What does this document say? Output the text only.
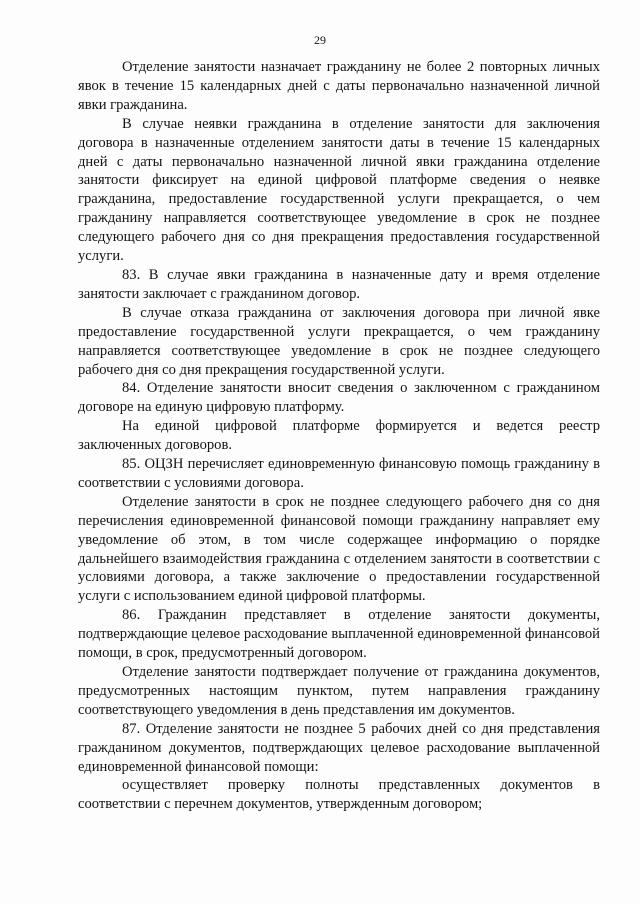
29

Отделение занятости назначает гражданину не более 2 повторных личных явок в течение 15 календарных дней с даты первоначально назначенной личной явки гражданина.

В случае неявки гражданина в отделение занятости для заключения договора в назначенные отделением занятости даты в течение 15 календарных дней с даты первоначально назначенной личной явки гражданина отделение занятости фиксирует на единой цифровой платформе сведения о неявке гражданина, предоставление государственной услуги прекращается, о чем гражданину направляется соответствующее уведомление в срок не позднее следующего рабочего дня со дня прекращения предоставления государственной услуги.

83. В случае явки гражданина в назначенные дату и время отделение занятости заключает с гражданином договор.

В случае отказа гражданина от заключения договора при личной явке предоставление государственной услуги прекращается, о чем гражданину направляется соответствующее уведомление в срок не позднее следующего рабочего дня со дня прекращения государственной услуги.

84. Отделение занятости вносит сведения о заключенном с гражданином договоре на единую цифровую платформу.

На единой цифровой платформе формируется и ведется реестр заключенных договоров.

85. ОЦЗН перечисляет единовременную финансовую помощь гражданину в соответствии с условиями договора.

Отделение занятости в срок не позднее следующего рабочего дня со дня перечисления единовременной финансовой помощи гражданину направляет ему уведомление об этом, в том числе содержащее информацию о порядке дальнейшего взаимодействия гражданина с отделением занятости в соответствии с условиями договора, а также заключение о предоставлении государственной услуги с использованием единой цифровой платформы.

86. Гражданин представляет в отделение занятости документы, подтверждающие целевое расходование выплаченной единовременной финансовой помощи, в срок, предусмотренный договором.

Отделение занятости подтверждает получение от гражданина документов, предусмотренных настоящим пунктом, путем направления гражданину соответствующего уведомления в день представления им документов.

87. Отделение занятости не позднее 5 рабочих дней со дня представления гражданином документов, подтверждающих целевое расходование выплаченной единовременной финансовой помощи:

осуществляет проверку полноты представленных документов в соответствии с перечнем документов, утвержденным договором;
